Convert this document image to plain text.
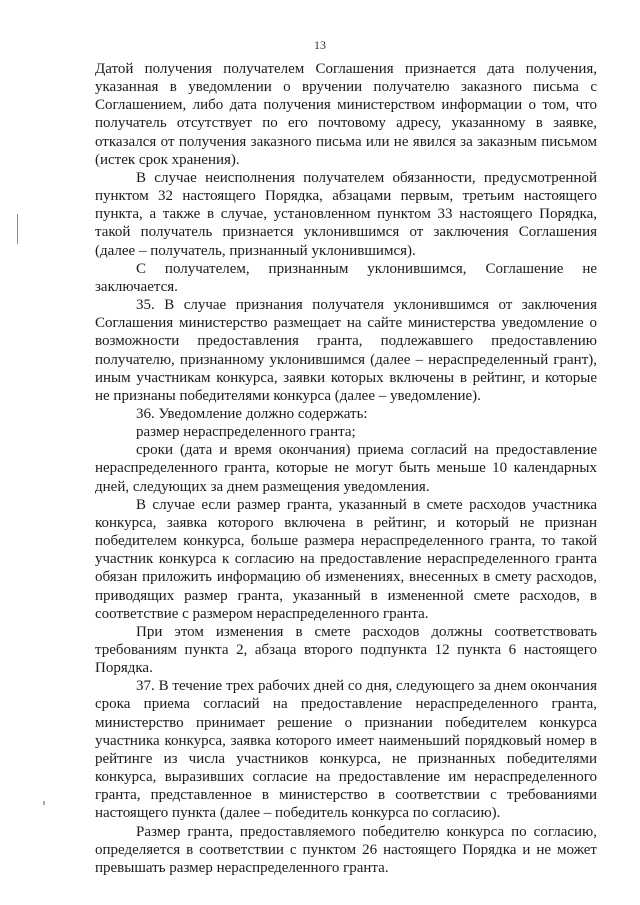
13

Датой получения получателем Соглашения признается дата получения, указанная в уведомлении о вручении получателю заказного письма с Соглашением, либо дата получения министерством информации о том, что получатель отсутствует по его почтовому адресу, указанному в заявке, отказался от получения заказного письма или не явился за заказным письмом (истек срок хранения).

В случае неисполнения получателем обязанности, предусмотренной пунктом 32 настоящего Порядка, абзацами первым, третьим настоящего пункта, а также в случае, установленном пунктом 33 настоящего Порядка, такой получатель признается уклонившимся от заключения Соглашения (далее – получатель, признанный уклонившимся).

С получателем, признанным уклонившимся, Соглашение не заключается.

35. В случае признания получателя уклонившимся от заключения Соглашения министерство размещает на сайте министерства уведомление о возможности предоставления гранта, подлежавшего предоставлению получателю, признанному уклонившимся (далее – нераспределенный грант), иным участникам конкурса, заявки которых включены в рейтинг, и которые не признаны победителями конкурса (далее – уведомление).

36. Уведомление должно содержать:

размер нераспределенного гранта;

сроки (дата и время окончания) приема согласий на предоставление нераспределенного гранта, которые не могут быть меньше 10 календарных дней, следующих за днем размещения уведомления.

В случае если размер гранта, указанный в смете расходов участника конкурса, заявка которого включена в рейтинг, и который не признан победителем конкурса, больше размера нераспределенного гранта, то такой участник конкурса к согласию на предоставление нераспределенного гранта обязан приложить информацию об изменениях, внесенных в смету расходов, приводящих размер гранта, указанный в измененной смете расходов, в соответствие с размером нераспределенного гранта.

При этом изменения в смете расходов должны соответствовать требованиям пункта 2, абзаца второго подпункта 12 пункта 6 настоящего Порядка.

37. В течение трех рабочих дней со дня, следующего за днем окончания срока приема согласий на предоставление нераспределенного гранта, министерство принимает решение о признании победителем конкурса участника конкурса, заявка которого имеет наименьший порядковый номер в рейтинге из числа участников конкурса, не признанных победителями конкурса, выразивших согласие на предоставление им нераспределенного гранта, представленное в министерство в соответствии с требованиями настоящего пункта (далее – победитель конкурса по согласию).

Размер гранта, предоставляемого победителю конкурса по согласию, определяется в соответствии с пунктом 26 настоящего Порядка и не может превышать размер нераспределенного гранта.
